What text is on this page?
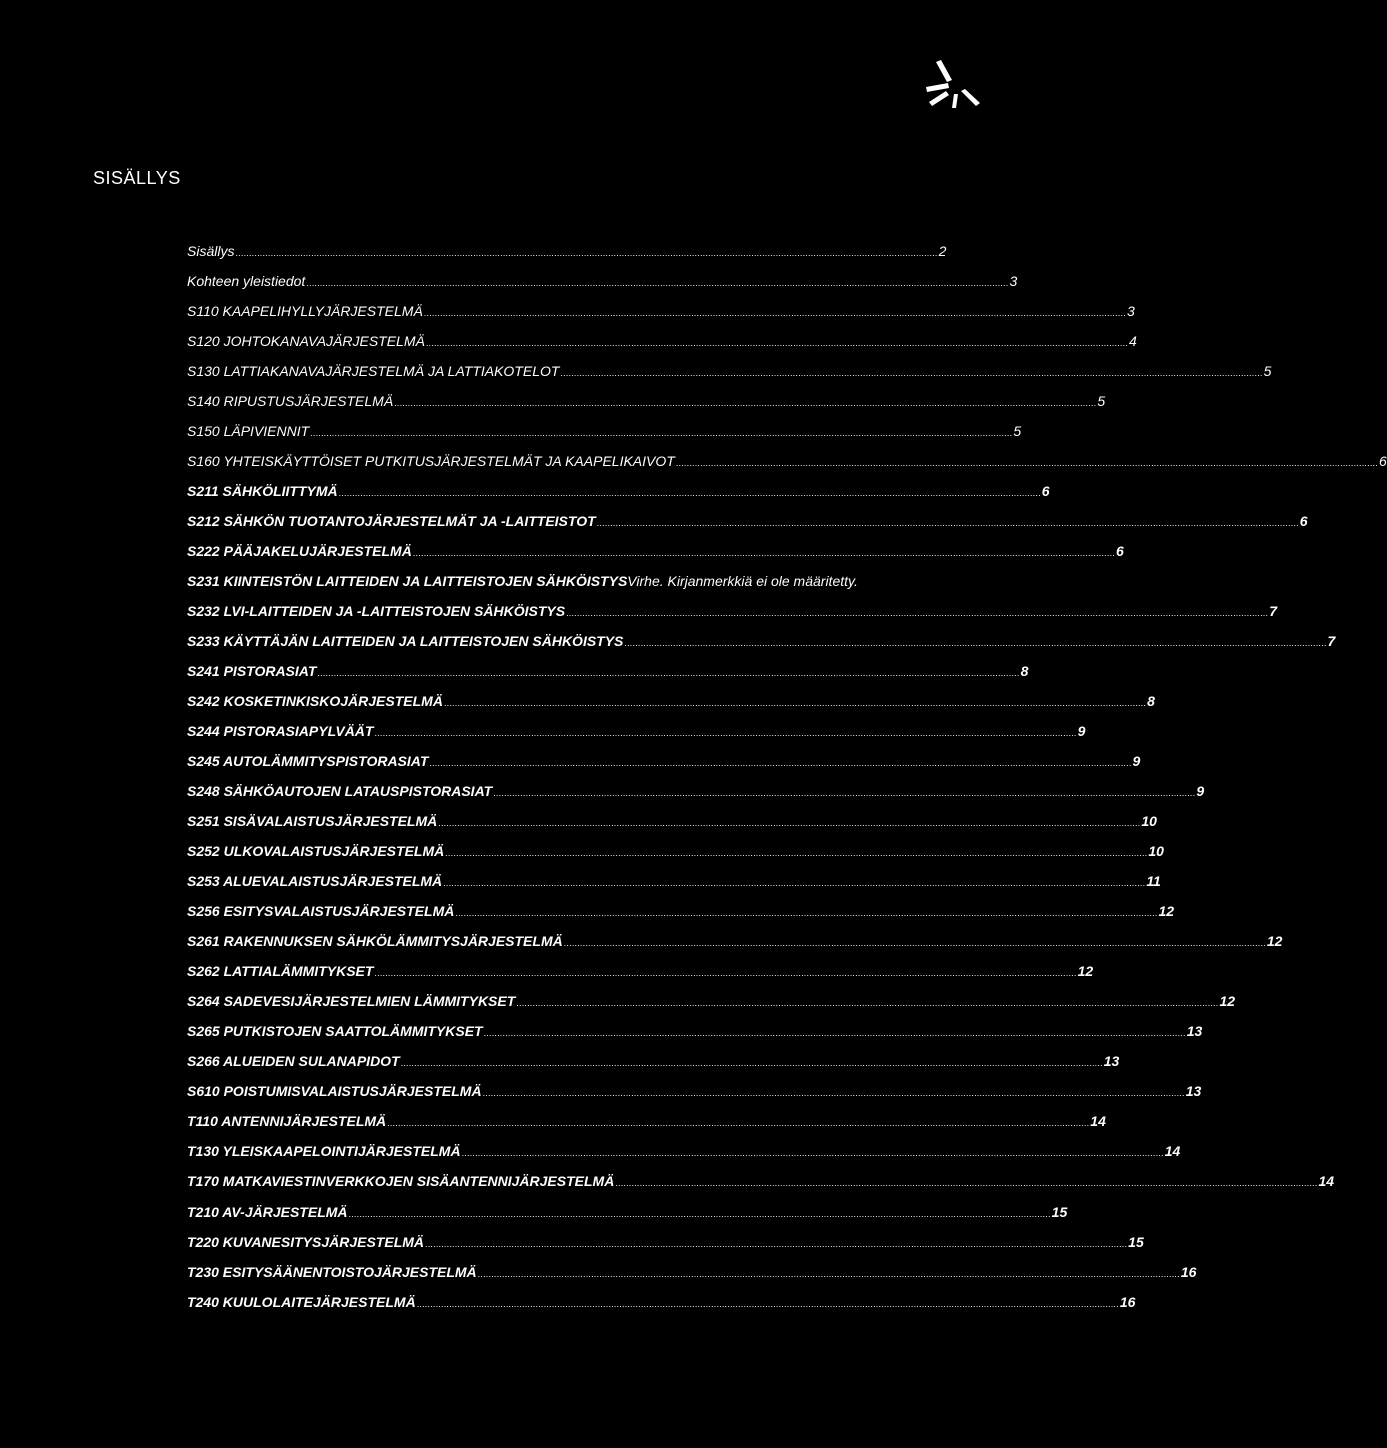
SISÄLLYS
Sisällys .................................................................................................................................................................................................................................................................... 2
Kohteen yleistiedot .................................................................................................................................................................................................................................................................... 3
S110 KAAPELIHYLLYJÄRJESTELMÄ .................................................................................................................................................................................................................................................................... 3
S120 JOHTOKANAVAJÄRJESTELMÄ .................................................................................................................................................................................................................................................................... 4
S130 LATTIAKANAVAJÄRJESTELMÄ JA LATTIAKOTELOT .................................................................................................................................................................................................................................................................... 5
S140 RIPUSTUSJÄRJESTELMÄ .................................................................................................................................................................................................................................................................... 5
S150 LÄPIVIENNIT .................................................................................................................................................................................................................................................................... 5
S160 YHTEISKÄYTTÖISET PUTKITUSJÄRJESTELMÄT JA KAAPELIKAIVOT .................................................................................................................................................................................................................................................................... 6
S211 SÄHKÖLIITTYMÄ .................................................................................................................................................................................................................................................................... 6
S212 SÄHKÖN TUOTANTOJÄRJESTELMÄT JA -LAITTEISTOT .................................................................................................................................................................................................................................................................... 6
S222 PÄÄJAKELUJÄRJESTELMÄ .................................................................................................................................................................................................................................................................... 6
S231 KIINTEISTÖN LAITTEIDEN JA LAITTEISTOJEN SÄHKÖISTYSVirhe. Kirjanmerkkiä ei ole määritetty.
S232 LVI-LAITTEIDEN JA -LAITTEISTOJEN SÄHKÖISTYS .................................................................................................................................................................................................................................................................... 7
S233 KÄYTTÄJÄN LAITTEIDEN JA LAITTEISTOJEN SÄHKÖISTYS .................................................................................................................................................................................................................................................................... 7
S241 PISTORASIAT .................................................................................................................................................................................................................................................................... 8
S242 KOSKETINKISKOJÄRJESTELMÄ .................................................................................................................................................................................................................................................................... 8
S244 PISTORASIAPYLVÄÄT .................................................................................................................................................................................................................................................................... 9
S245 AUTOLÄMMITYSPISTORASIAT .................................................................................................................................................................................................................................................................... 9
S248 SÄHKÖAUTOJEN LATAUSPISTORASIAT .................................................................................................................................................................................................................................................................... 9
S251 SISÄVALAISTUSJÄRJESTELMÄ .................................................................................................................................................................................................................................................................... 10
S252 ULKOVALAISTUSJÄRJESTELMÄ .................................................................................................................................................................................................................................................................... 10
S253 ALUEVALAISTUSJÄRJESTELMÄ .................................................................................................................................................................................................................................................................... 11
S256 ESITYSVALAISTUSJÄRJESTELMÄ .................................................................................................................................................................................................................................................................... 12
S261 RAKENNUKSEN SÄHKÖLÄMMITYSJÄRJESTELMÄ .................................................................................................................................................................................................................................................................... 12
S262 LATTIALÄMMITYKSET .................................................................................................................................................................................................................................................................... 12
S264 SADEVESIJÄRJESTELMIEN LÄMMITYKSET .................................................................................................................................................................................................................................................................... 12
S265 PUTKISTOJEN SAATTOLÄMMITYKSET .................................................................................................................................................................................................................................................................... 13
S266 ALUEIDEN SULANAPIDOT .................................................................................................................................................................................................................................................................... 13
S610 POISTUMISVALAISTUSJÄRJESTELMÄ .................................................................................................................................................................................................................................................................... 13
T110 ANTENNIJÄRJESTELMÄ .................................................................................................................................................................................................................................................................... 14
T130 YLEISKAAPELOINTIJÄRJESTELMÄ .................................................................................................................................................................................................................................................................... 14
T170 MATKAVIESTINVERKKOJEN SISÄANTENNIJÄRJESTELMÄ .................................................................................................................................................................................................................................................................... 14
T210 AV-JÄRJESTELMÄ .................................................................................................................................................................................................................................................................... 15
T220 KUVANESITYSJÄRJESTELMÄ .................................................................................................................................................................................................................................................................... 15
T230 ESITYSÄÄNENTOISTOJÄRJESTELMÄ .................................................................................................................................................................................................................................................................... 16
T240 KUULOLAITEJÄRJESTELMÄ .................................................................................................................................................................................................................................................................... 16
